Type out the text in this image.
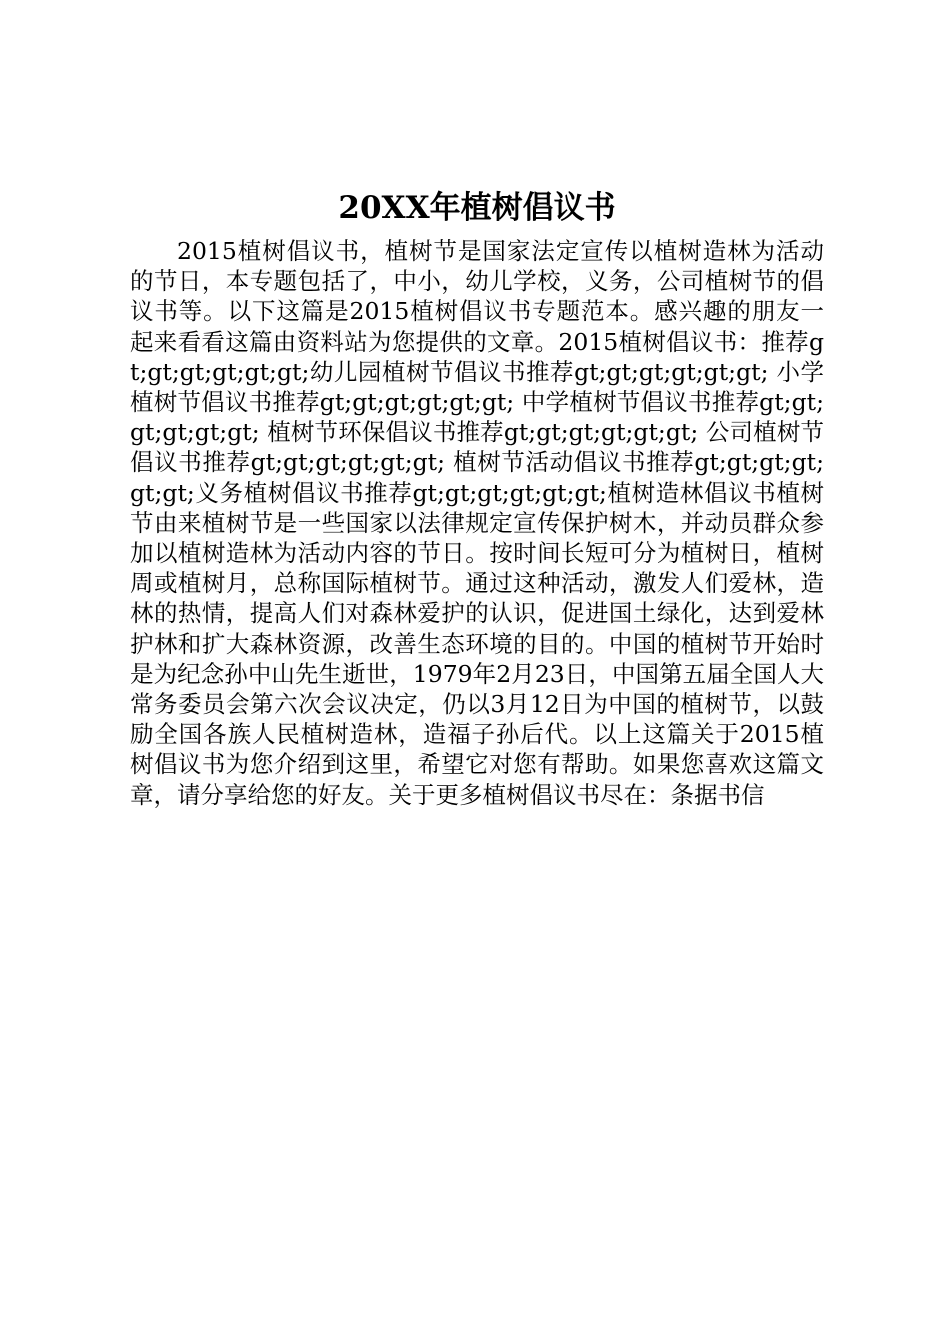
20XX年植树倡议书

2015植树倡议书，植树节是国家法定宣传以植树造林为活动的节日，本专题包括了，中小，幼儿学校，义务，公司植树节的倡议书等。以下这篇是2015植树倡议书专题范本。感兴趣的朋友一起来看看这篇由资料站为您提供的文章。2015植树倡议书：推荐gt;gt;gt;gt;gt;gt;幼儿园植树节倡议书推荐gt;gt;gt;gt;gt;gt; 小学植树节倡议书推荐gt;gt;gt;gt;gt;gt; 中学植树节倡议书推荐gt;gt;gt;gt;gt;gt; 植树节环保倡议书推荐gt;gt;gt;gt;gt;gt; 公司植树节倡议书推荐gt;gt;gt;gt;gt;gt; 植树节活动倡议书推荐gt;gt;gt;gt;gt;gt;义务植树倡议书推荐gt;gt;gt;gt;gt;gt;植树造林倡议书植树节由来植树节是一些国家以法律规定宣传保护树木，并动员群众参加以植树造林为活动内容的节日。按时间长短可分为植树日，植树周或植树月，总称国际植树节。通过这种活动，激发人们爱林，造林的热情，提高人们对森林爱护的认识，促进国土绿化，达到爱林护林和扩大森林资源，改善生态环境的目的。中国的植树节开始时是为纪念孙中山先生逝世，1979年2月23日，中国第五届全国人大常务委员会第六次会议决定，仍以3月12日为中国的植树节，以鼓励全国各族人民植树造林，造福子孙后代。以上这篇关于2015植树倡议书为您介绍到这里，希望它对您有帮助。如果您喜欢这篇文章，请分享给您的好友。关于更多植树倡议书尽在：条据书信
